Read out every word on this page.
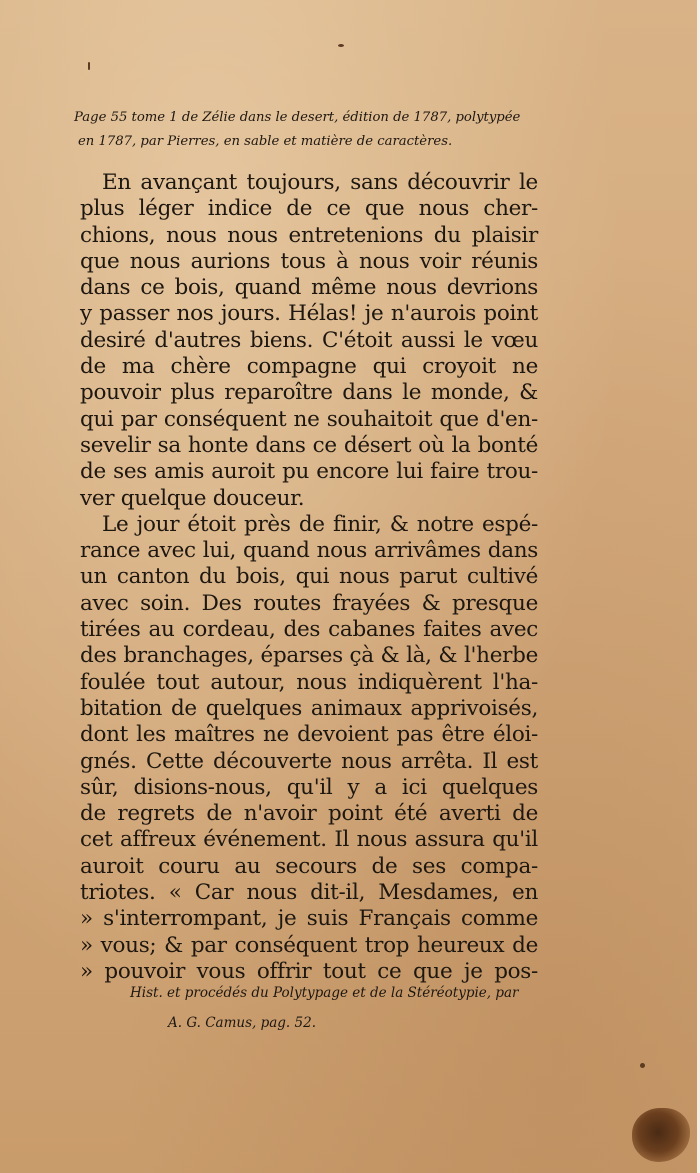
Page 55 tome 1 de Zélie dans le desert, édition de 1787, polytypée
en 1787, par Pierres, en sable et matière de caractères.
En avançant toujours, sans découvrir le
plus léger indice de ce que nous cher-
chions, nous nous entretenions du plaisir
que nous aurions tous à nous voir réunis
dans ce bois, quand même nous devrions
y passer nos jours. Hélas! je n'aurois point
desiré d'autres biens. C'étoit aussi le vœu
de ma chère compagne qui croyoit ne
pouvoir plus reparoître dans le monde, &
qui par conséquent ne souhaitoit que d'en-
sevelir sa honte dans ce désert où la bonté
de ses amis auroit pu encore lui faire trou-
ver quelque douceur.
Le jour étoit près de finir, & notre espé-
rance avec lui, quand nous arrivâmes dans
un canton du bois, qui nous parut cultivé
avec soin. Des routes frayées & presque
tirées au cordeau, des cabanes faites avec
des branchages, éparses çà & là, & l'herbe
foulée tout autour, nous indiquèrent l'ha-
bitation de quelques animaux apprivoisés,
dont les maîtres ne devoient pas être éloi-
gnés. Cette découverte nous arrêta. Il est
sûr, disions-nous, qu'il y a ici quelques
de regrets de n'avoir point été averti de
cet affreux événement. Il nous assura qu'il
auroit couru au secours de ses compa-
triotes. « Car nous dit-il, Mesdames, en
» s'interrompant, je suis Français comme
» vous; & par conséquent trop heureux de
» pouvoir vous offrir tout ce que je pos-
Hist. et procédés du Polytypage et de la Stéréotypie, par
A. G. Camus, pag. 52.
